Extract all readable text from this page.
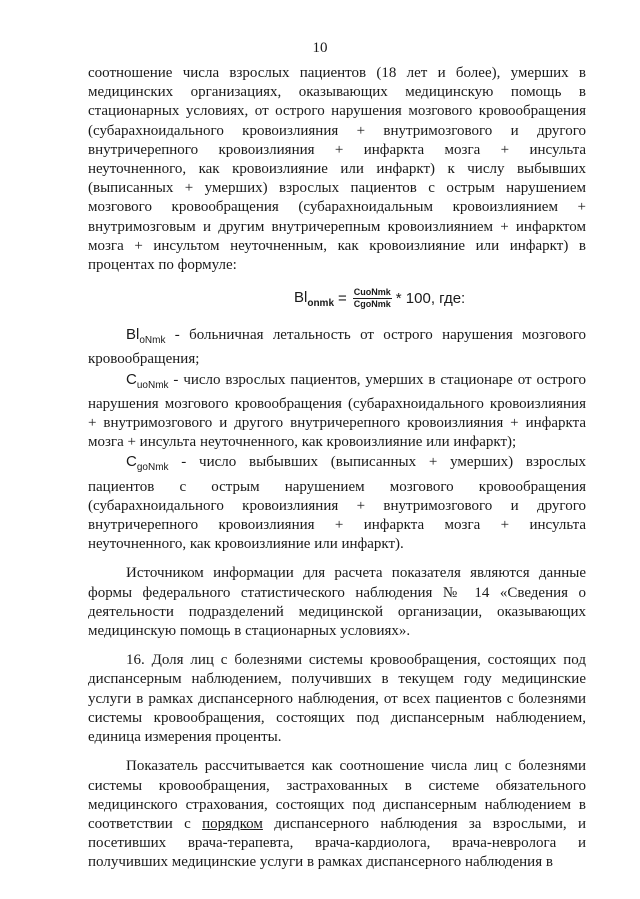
10

соотношение числа взрослых пациентов (18 лет и более), умерших в медицинских организациях, оказывающих медицинскую помощь в стационарных условиях, от острого нарушения мозгового кровообращения (субарахноидального кровоизлияния + внутримозгового и другого внутричерепного кровоизлияния + инфаркта мозга + инсульта неуточненного, как кровоизлияние или инфаркт) к числу выбывших (выписанных + умерших) взрослых пациентов с острым нарушением мозгового кровообращения (субарахноидальным кровоизлиянием + внутримозговым и другим внутричерепным кровоизлиянием + инфарктом мозга + инсультом неуточненным, как кровоизлияние или инфаркт) в процентах по формуле:

$Bl_{onmk} = \frac{\text{CuoNmk}}{\text{CgoNmk}} * 100$, где:

$Bl_{oNmk}$ - больничная летальность от острого нарушения мозгового кровообращения;

$C_{uoNmk}$ - число взрослых пациентов, умерших в стационаре от острого нарушения мозгового кровообращения (субарахноидального кровоизлияния + внутримозгового и другого внутричерепного кровоизлияния + инфаркта мозга + инсульта неуточненного, как кровоизлияние или инфаркт);

$C_{goNmk}$ - число выбывших (выписанных + умерших) взрослых пациентов с острым нарушением мозгового кровообращения (субарахноидального кровоизлияния + внутримозгового и другого внутричерепного кровоизлияния + инфаркта мозга + инсульта неуточненного, как кровоизлияние или инфаркт).

Источником информации для расчета показателя являются данные формы федерального статистического наблюдения № 14 «Сведения о деятельности подразделений медицинской организации, оказывающих медицинскую помощь в стационарных условиях».

16. Доля лиц с болезнями системы кровообращения, состоящих под диспансерным наблюдением, получивших в текущем году медицинские услуги в рамках диспансерного наблюдения, от всех пациентов с болезнями системы кровообращения, состоящих под диспансерным наблюдением, единица измерения проценты.

Показатель рассчитывается как соотношение числа лиц с болезнями системы кровообращения, застрахованных в системе обязательного медицинского страхования, состоящих под диспансерным наблюдением в соответствии с порядком диспансерного наблюдения за взрослыми, и посетивших врача-терапевта, врача-кардиолога, врача-невролога и получивших медицинские услуги в рамках диспансерного наблюдения в
